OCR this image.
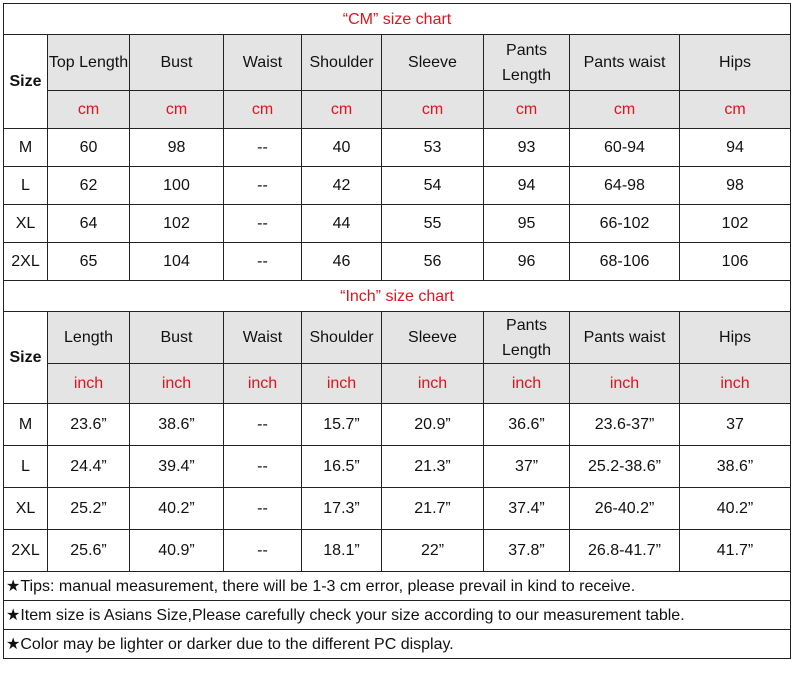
“CM” size chart								
Size	Top Length	Bust	Waist	Shoulder	Sleeve	Pants Length	Pants waist	Hips
	cm	cm	cm	cm	cm	cm	cm	cm
M	60	98	--	40	53	93	60-94	94
L	62	100	--	42	54	94	64-98	98
XL	64	102	--	44	55	95	66-102	102
2XL	65	104	--	46	56	96	68-106	106
“Inch” size chart								
Size	Length	Bust	Waist	Shoulder	Sleeve	Pants Length	Pants waist	Hips
	inch	inch	inch	inch	inch	inch	inch	inch
M	23.6”	38.6”	--	15.7”	20.9”	36.6”	23.6-37”	37
L	24.4”	39.4”	--	16.5”	21.3”	37”	25.2-38.6”	38.6”
XL	25.2”	40.2”	--	17.3”	21.7”	37.4”	26-40.2”	40.2”
2XL	25.6”	40.9”	--	18.1”	22”	37.8”	26.8-41.7”	41.7”
★Tips: manual measurement, there will be 1-3 cm error, please prevail in kind to receive.								
★Item size is Asians Size,Please carefully check your size according to our measurement table.								
★Color may be lighter or darker due to the different PC display.								
